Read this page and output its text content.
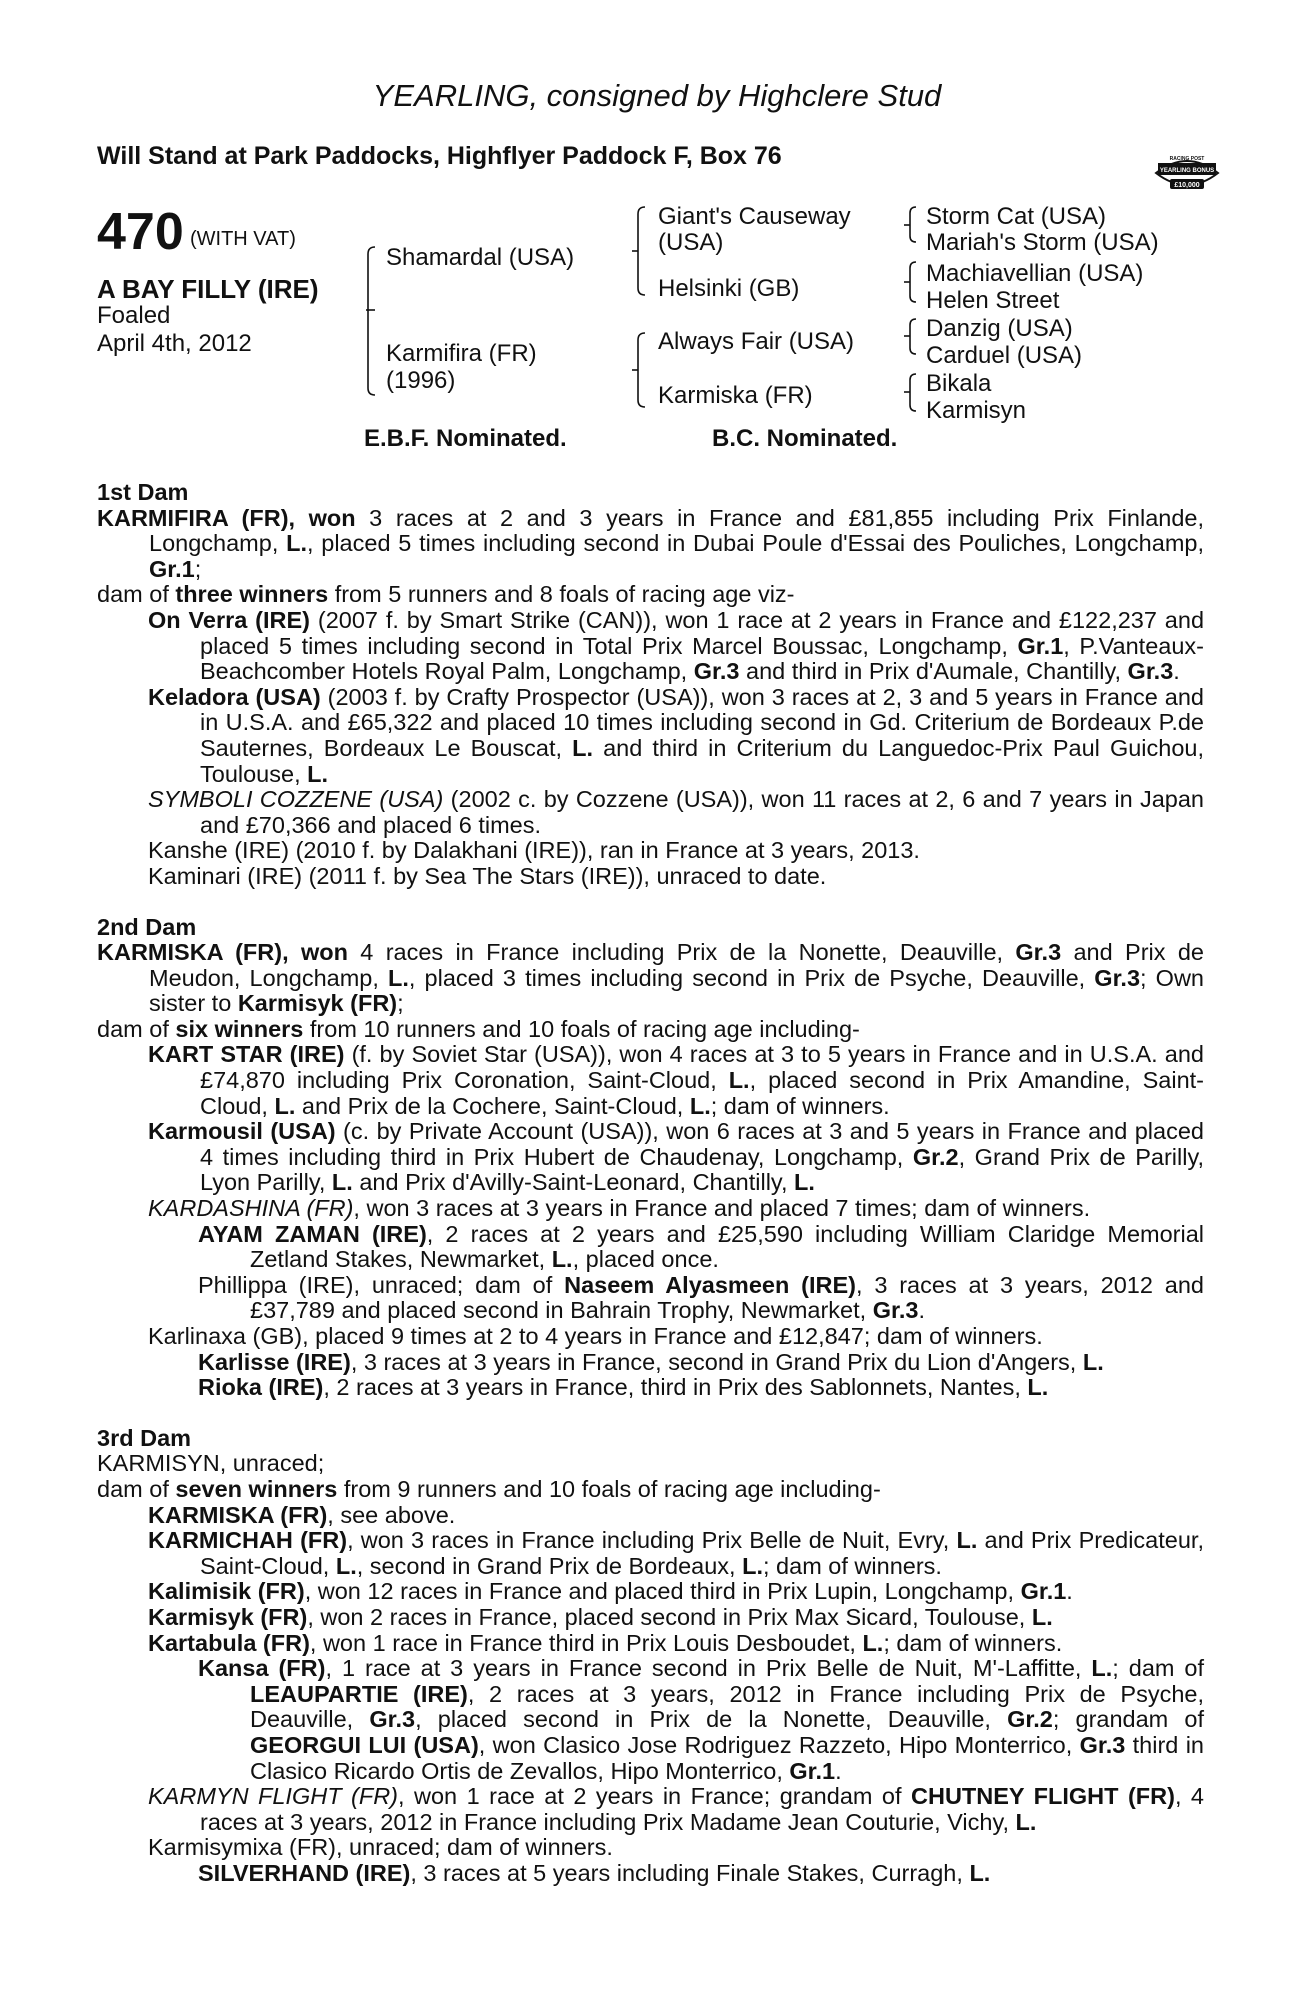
YEARLING, consigned by Highclere Stud
Will Stand at Park Paddocks, Highflyer Paddock F, Box 76	RACING POST
YEARLING BONUS
£10,000
470 (WITH VAT)
A BAY FILLY (IRE)
Foaled
April 4th, 2012
Shamardal (USA)
Karmifira (FR)
(1996)
Giant's Causeway
(USA)
Helsinki (GB)
Always Fair (USA)
Karmiska (FR)
Storm Cat (USA)
Mariah's Storm (USA)
Machiavellian (USA)
Helen Street
Danzig (USA)
Carduel (USA)
Bikala
Karmisyn
E.B.F. Nominated.	B.C. Nominated.
1st Dam
KARMIFIRA (FR), won 3 races at 2 and 3 years in France and £81,855 including Prix Finlande, Longchamp, L., placed 5 times including second in Dubai Poule d'Essai des Pouliches, Longchamp, Gr.1;
dam of three winners from 5 runners and 8 foals of racing age viz-
On Verra (IRE) (2007 f. by Smart Strike (CAN)), won 1 race at 2 years in France and £122,237 and placed 5 times including second in Total Prix Marcel Boussac, Longchamp, Gr.1, P.Vanteaux-Beachcomber Hotels Royal Palm, Longchamp, Gr.3 and third in Prix d'Aumale, Chantilly, Gr.3.
Keladora (USA) (2003 f. by Crafty Prospector (USA)), won 3 races at 2, 3 and 5 years in France and in U.S.A. and £65,322 and placed 10 times including second in Gd. Criterium de Bordeaux P.de Sauternes, Bordeaux Le Bouscat, L. and third in Criterium du Languedoc-Prix Paul Guichou, Toulouse, L.
SYMBOLI COZZENE (USA) (2002 c. by Cozzene (USA)), won 11 races at 2, 6 and 7 years in Japan and £70,366 and placed 6 times.
Kanshe (IRE) (2010 f. by Dalakhani (IRE)), ran in France at 3 years, 2013.
Kaminari (IRE) (2011 f. by Sea The Stars (IRE)), unraced to date.
2nd Dam
KARMISKA (FR), won 4 races in France including Prix de la Nonette, Deauville, Gr.3 and Prix de Meudon, Longchamp, L., placed 3 times including second in Prix de Psyche, Deauville, Gr.3; Own sister to Karmisyk (FR);
dam of six winners from 10 runners and 10 foals of racing age including-
KART STAR (IRE) (f. by Soviet Star (USA)), won 4 races at 3 to 5 years in France and in U.S.A. and £74,870 including Prix Coronation, Saint-Cloud, L., placed second in Prix Amandine, Saint-Cloud, L. and Prix de la Cochere, Saint-Cloud, L.; dam of winners.
Karmousil (USA) (c. by Private Account (USA)), won 6 races at 3 and 5 years in France and placed 4 times including third in Prix Hubert de Chaudenay, Longchamp, Gr.2, Grand Prix de Parilly, Lyon Parilly, L. and Prix d'Avilly-Saint-Leonard, Chantilly, L.
KARDASHINA (FR), won 3 races at 3 years in France and placed 7 times; dam of winners.
AYAM ZAMAN (IRE), 2 races at 2 years and £25,590 including William Claridge Memorial Zetland Stakes, Newmarket, L., placed once.
Phillippa (IRE), unraced; dam of Naseem Alyasmeen (IRE), 3 races at 3 years, 2012 and £37,789 and placed second in Bahrain Trophy, Newmarket, Gr.3.
Karlinaxa (GB), placed 9 times at 2 to 4 years in France and £12,847; dam of winners.
Karlisse (IRE), 3 races at 3 years in France, second in Grand Prix du Lion d'Angers, L.
Rioka (IRE), 2 races at 3 years in France, third in Prix des Sablonnets, Nantes, L.
3rd Dam
KARMISYN, unraced;
dam of seven winners from 9 runners and 10 foals of racing age including-
KARMISKA (FR), see above.
KARMICHAH (FR), won 3 races in France including Prix Belle de Nuit, Evry, L. and Prix Predicateur, Saint-Cloud, L., second in Grand Prix de Bordeaux, L.; dam of winners.
Kalimisik (FR), won 12 races in France and placed third in Prix Lupin, Longchamp, Gr.1.
Karmisyk (FR), won 2 races in France, placed second in Prix Max Sicard, Toulouse, L.
Kartabula (FR), won 1 race in France third in Prix Louis Desboudet, L.; dam of winners.
Kansa (FR), 1 race at 3 years in France second in Prix Belle de Nuit, M'-Laffitte, L.; dam of LEAUPARTIE (IRE), 2 races at 3 years, 2012 in France including Prix de Psyche, Deauville, Gr.3, placed second in Prix de la Nonette, Deauville, Gr.2; grandam of GEORGUI LUI (USA), won Clasico Jose Rodriguez Razzeto, Hipo Monterrico, Gr.3 third in Clasico Ricardo Ortis de Zevallos, Hipo Monterrico, Gr.1.
KARMYN FLIGHT (FR), won 1 race at 2 years in France; grandam of CHUTNEY FLIGHT (FR), 4 races at 3 years, 2012 in France including Prix Madame Jean Couturie, Vichy, L.
Karmisymixa (FR), unraced; dam of winners.
SILVERHAND (IRE), 3 races at 5 years including Finale Stakes, Curragh, L.
